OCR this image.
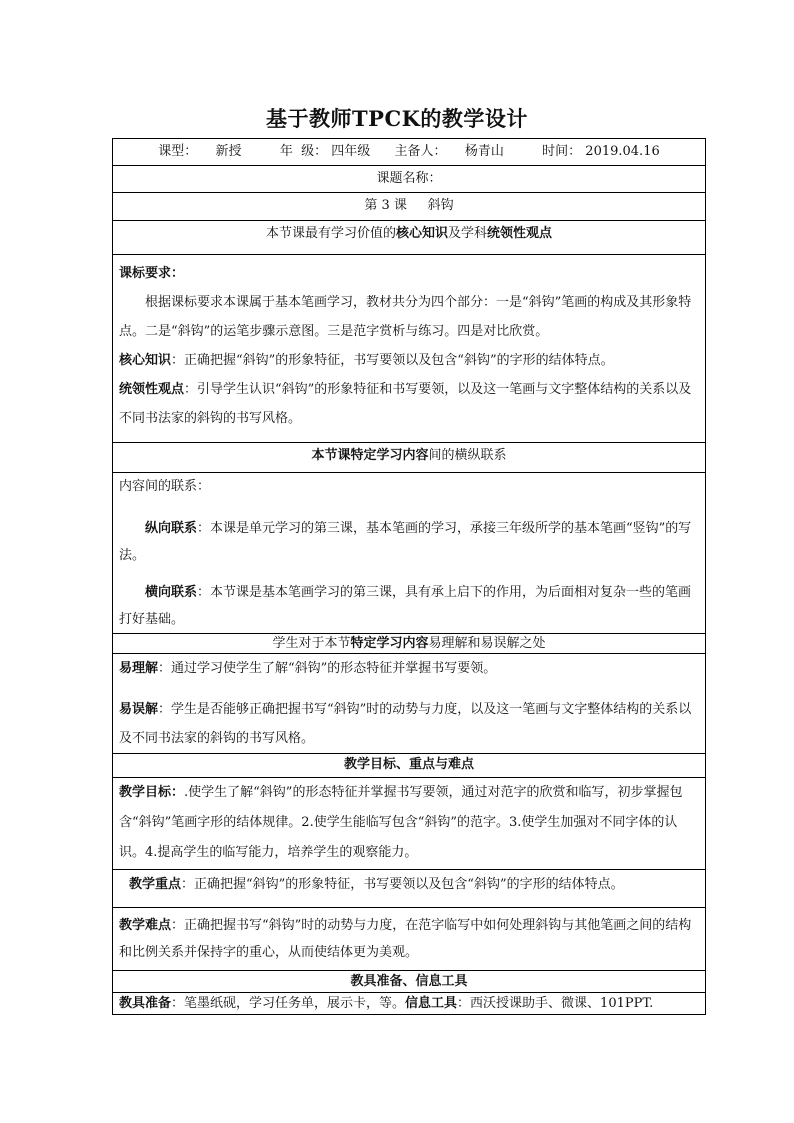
基于教师TPCK的教学设计
课型： 新授	年  级： 四年级 主备人： 杨青山	时间： 2019.04.16
课题名称：
第 3 课     斜钩
本节课最有学习价值的核心知识及学科统领性观点

课标要求：

根据课标要求本课属于基本笔画学习，教材共分为四个部分：一是“斜钩”笔画的构成及其形象特点。二是“斜钩”的运笔步骤示意图。三是范字赏析与练习。四是对比欣赏。

核心知识：正确把握“斜钩”的形象特征，书写要领以及包含“斜钩”的字形的结体特点。

统领性观点：引导学生认识“斜钩”的形象特征和书写要领，以及这一笔画与文字整体结构的关系以及不同书法家的斜钩的书写风格。

本节课特定学习内容间的横纵联系

内容间的联系：

纵向联系：本课是单元学习的第三课，基本笔画的学习，承接三年级所学的基本笔画“竖钩”的写法。

横向联系：本节课是基本笔画学习的第三课，具有承上启下的作用，为后面相对复杂一些的笔画打好基础。

学生对于本节特定学习内容易理解和易误解之处

易理解：通过学习使学生了解“斜钩”的形态特征并掌握书写要领。

易误解：学生是否能够正确把握书写“斜钩”时的动势与力度，以及这一笔画与文字整体结构的关系以及不同书法家的斜钩的书写风格。

教学目标、重点与难点
教学目标：.使学生了解“斜钩”的形态特征并掌握书写要领，通过对范字的欣赏和临写，初步掌握包含“斜钩”笔画字形的结体规律。2.使学生能临写包含“斜钩”的范字。3.使学生加强对不同字体的认识。4.提高学生的临写能力，培养学生的观察能力。
教学重点：正确把握“斜钩”的形象特征，书写要领以及包含“斜钩”的字形的结体特点。
教学难点：正确把握书写“斜钩”时的动势与力度，在范字临写中如何处理斜钩与其他笔画之间的结构和比例关系并保持字的重心，从而使结体更为美观。
教具准备、信息工具
教具准备：笔墨纸砚，学习任务单，展示卡，等。信息工具：西沃授课助手、微课、101PPT.
